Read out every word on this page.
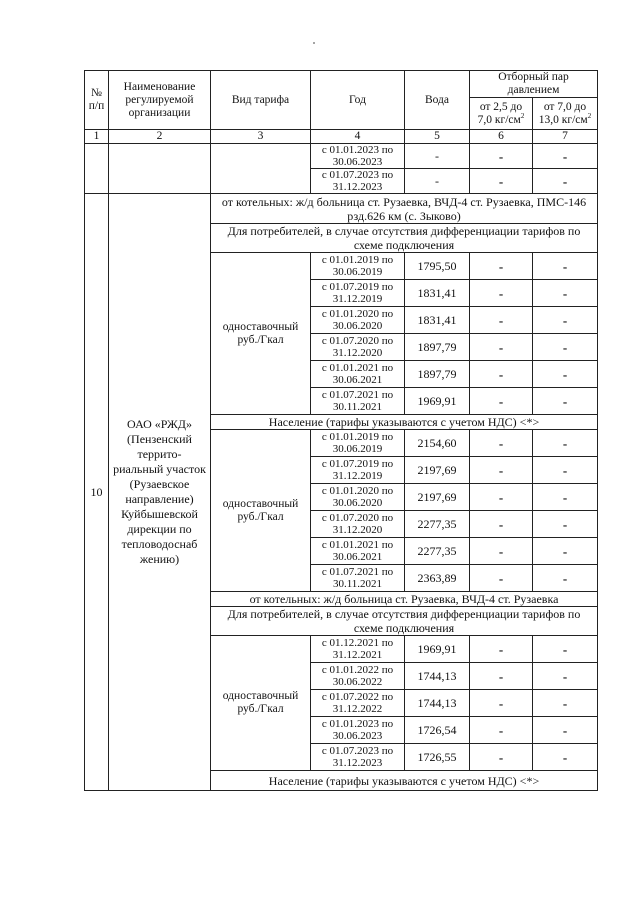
№ п/п	Наименование регулируемой организации	Вид тарифа	Год	Вода	Отборный пар давлением	
					от 2,5 до 7,0 $кг/см^2$	от 7,0 до 13,0 $кг/см^2$
1	2	3	4	5	6	7
			с 01.01.2023 по 30.06.2023	-	-	-
			с 01.07.2023 по 31.12.2023	-	-	-
10	ОАО «РЖД» (Пензенский террито- риальный участок (Рузаевское направление) Куйбышевской дирекции по тепловодоснаб жению)	от котельных: ж/д больница ст. Рузаевка, ВЧД-4 ст. Рузаевка, ПМС-146 рзд.626 км (с. Зыково)				
		Для потребителей, в случае отсутствия дифференциации тарифов по схеме подключения				
		одноставочный руб./Гкал	с 01.01.2019 по 30.06.2019	1795,50	-	-
			с 01.07.2019 по 31.12.2019	1831,41	-	-
			с 01.01.2020 по 30.06.2020	1831,41	-	-
			с 01.07.2020 по 31.12.2020	1897,79	-	-
			с 01.01.2021 по 30.06.2021	1897,79	-	-
			с 01.07.2021 по 30.11.2021	1969,91	-	-
		Население (тарифы указываются с учетом НДС) <*>				
		одноставочный руб./Гкал	с 01.01.2019 по 30.06.2019	2154,60	-	-
			с 01.07.2019 по 31.12.2019	2197,69	-	-
			с 01.01.2020 по 30.06.2020	2197,69	-	-
			с 01.07.2020 по 31.12.2020	2277,35	-	-
			с 01.01.2021 по 30.06.2021	2277,35	-	-
			с 01.07.2021 по 30.11.2021	2363,89	-	-
		от котельных: ж/д больница ст. Рузаевка, ВЧД-4 ст. Рузаевка				
		Для потребителей, в случае отсутствия дифференциации тарифов по схеме подключения				
		одноставочный руб./Гкал	с 01.12.2021 по 31.12.2021	1969,91	-	-
			с 01.01.2022 по 30.06.2022	1744,13	-	-
			с 01.07.2022 по 31.12.2022	1744,13	-	-
			с 01.01.2023 по 30.06.2023	1726,54	-	-
			с 01.07.2023 по 31.12.2023	1726,55	-	-
		Население (тарифы указываются с учетом НДС) <*>				
